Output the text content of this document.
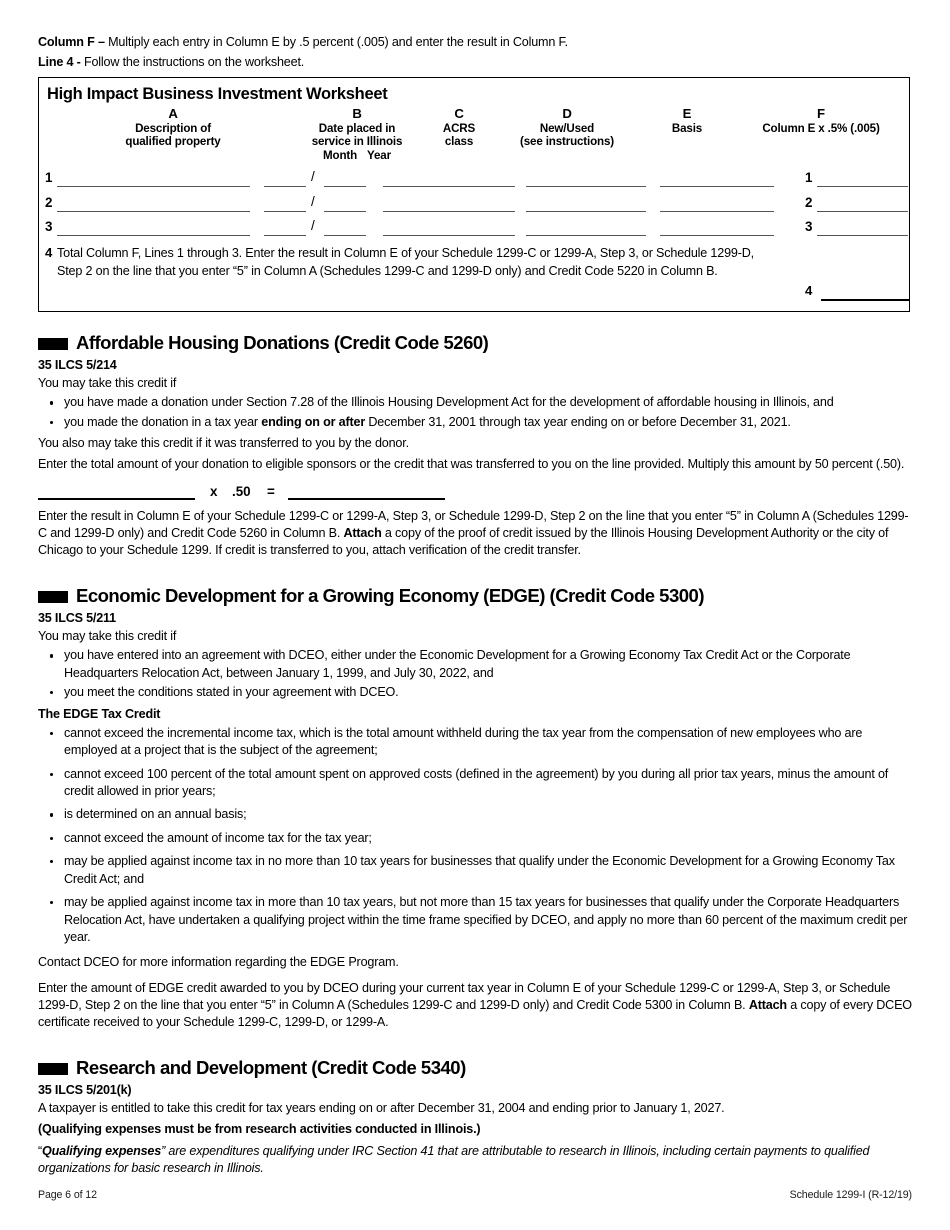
Column F – Multiply each entry in Column E by .5 percent (.005) and enter the result in Column F.
Line 4 - Follow the instructions on the worksheet.
High Impact Business Investment Worksheet
A
Description of
qualified property
B
Date placed in
service in Illinois
Month Year
C
ACRS
class
D
New/Used
(see instructions)
E
Basis
F
Column E x .5% (.005)
1	/	1
2	/	2
3	/	3
4 Total Column F, Lines 1 through 3. Enter the result in Column E of your Schedule 1299-C or 1299-A, Step 3, or Schedule 1299-D, Step 2 on the line that you enter “5” in Column A (Schedules 1299-C and 1299-D only) and Credit Code 5220 in Column B.
4
Affordable Housing Donations (Credit Code 5260)
35 ILCS 5/214
You may take this credit if
you have made a donation under Section 7.28 of the Illinois Housing Development Act for the development of affordable housing in Illinois, and
you made the donation in a tax year ending on or after December 31, 2001 through tax year ending on or before December 31, 2021.
You also may take this credit if it was transferred to you by the donor.
Enter the total amount of your donation to eligible sponsors or the credit that was transferred to you on the line provided. Multiply this amount by 50 percent (.50).
x .50 =
Enter the result in Column E of your Schedule 1299-C or 1299-A, Step 3, or Schedule 1299-D, Step 2 on the line that you enter “5” in Column A (Schedules 1299-C and 1299-D only) and Credit Code 5260 in Column B. Attach a copy of the proof of credit issued by the Illinois Housing Development Authority or the city of Chicago to your Schedule 1299. If credit is transferred to you, attach verification of the credit transfer.
Economic Development for a Growing Economy (EDGE) (Credit Code 5300)
35 ILCS 5/211
You may take this credit if
you have entered into an agreement with DCEO, either under the Economic Development for a Growing Economy Tax Credit Act or the Corporate Headquarters Relocation Act, between January 1, 1999, and July 30, 2022, and
you meet the conditions stated in your agreement with DCEO.
The EDGE Tax Credit
cannot exceed the incremental income tax, which is the total amount withheld during the tax year from the compensation of new employees who are employed at a project that is the subject of the agreement;
cannot exceed 100 percent of the total amount spent on approved costs (defined in the agreement) by you during all prior tax years, minus the amount of credit allowed in prior years;
is determined on an annual basis;
cannot exceed the amount of income tax for the tax year;
may be applied against income tax in no more than 10 tax years for businesses that qualify under the Economic Development for a Growing Economy Tax Credit Act; and
may be applied against income tax in more than 10 tax years, but not more than 15 tax years for businesses that qualify under the Corporate Headquarters Relocation Act, have undertaken a qualifying project within the time frame specified by DCEO, and apply no more than 60 percent of the maximum credit per year.
Contact DCEO for more information regarding the EDGE Program.
Enter the amount of EDGE credit awarded to you by DCEO during your current tax year in Column E of your Schedule 1299-C or 1299-A, Step 3, or Schedule 1299-D, Step 2 on the line that you enter “5” in Column A (Schedules 1299-C and 1299-D only) and Credit Code 5300 in Column B. Attach a copy of every DCEO certificate received to your Schedule 1299-C, 1299-D, or 1299-A.
Research and Development (Credit Code 5340)
35 ILCS 5/201(k)
A taxpayer is entitled to take this credit for tax years ending on or after December 31, 2004 and ending prior to January 1, 2027.
(Qualifying expenses must be from research activities conducted in Illinois.)
“Qualifying expenses” are expenditures qualifying under IRC Section 41 that are attributable to research in Illinois, including certain payments to qualified organizations for basic research in Illinois.
Page 6 of 12	Schedule 1299-I (R-12/19)
